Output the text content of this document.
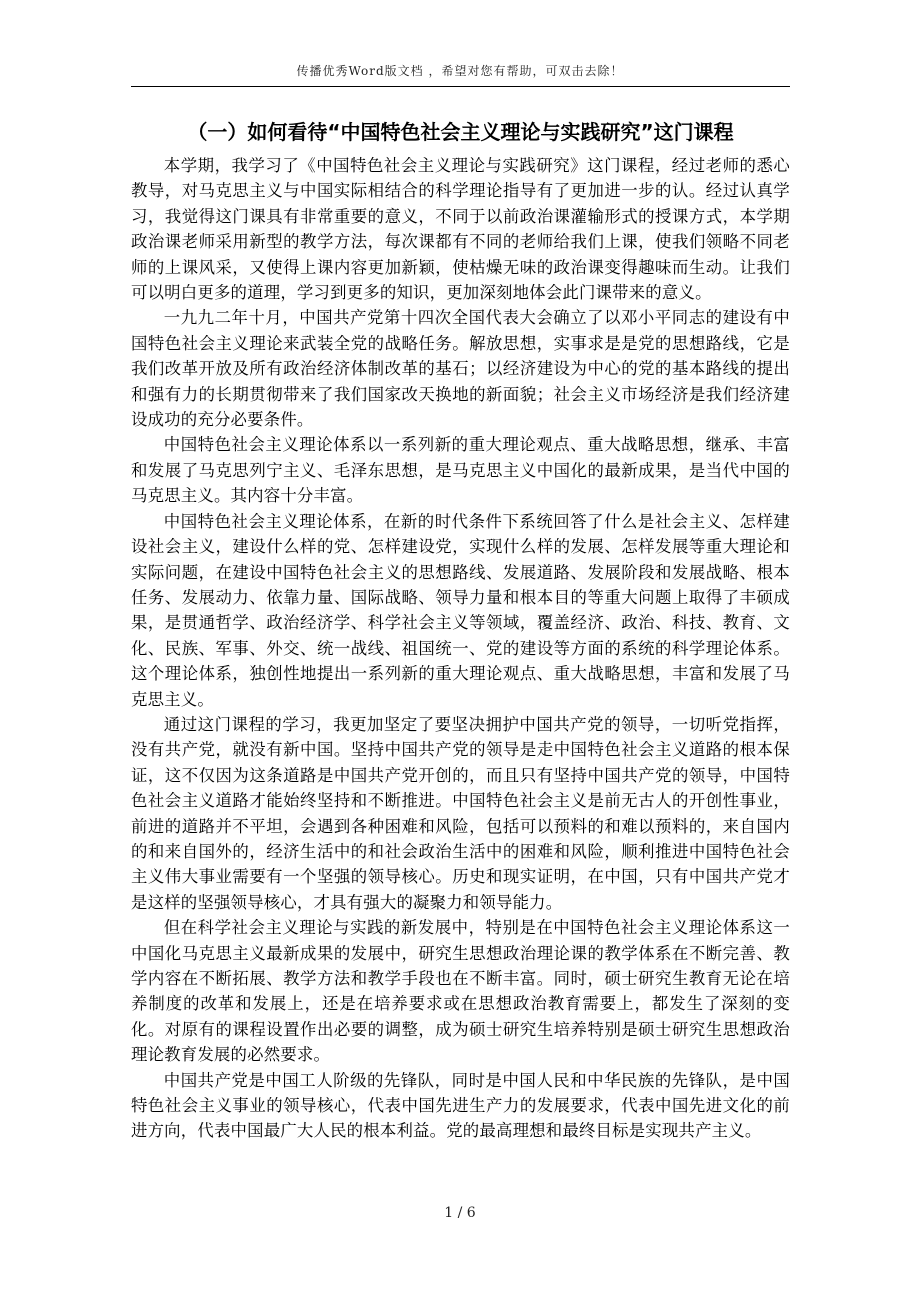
传播优秀Word版文档 ，希望对您有帮助，可双击去除！
（一）如何看待“中国特色社会主义理论与实践研究”这门课程

本学期，我学习了《中国特色社会主义理论与实践研究》这门课程，经过老师的悉心教导，对马克思主义与中国实际相结合的科学理论指导有了更加进一步的认。经过认真学习，我觉得这门课具有非常重要的意义，不同于以前政治课灌输形式的授课方式，本学期政治课老师采用新型的教学方法，每次课都有不同的老师给我们上课，使我们领略不同老师的上课风采，又使得上课内容更加新颖，使枯燥无味的政治课变得趣味而生动。让我们可以明白更多的道理，学习到更多的知识，更加深刻地体会此门课带来的意义。

一九九二年十月，中国共产党第十四次全国代表大会确立了以邓小平同志的建设有中国特色社会主义理论来武装全党的战略任务。解放思想，实事求是是党的思想路线，它是我们改革开放及所有政治经济体制改革的基石；以经济建设为中心的党的基本路线的提出和强有力的长期贯彻带来了我们国家改天换地的新面貌；社会主义市场经济是我们经济建设成功的充分必要条件。

中国特色社会主义理论体系以一系列新的重大理论观点、重大战略思想，继承、丰富和发展了马克思列宁主义、毛泽东思想，是马克思主义中国化的最新成果，是当代中国的马克思主义。其内容十分丰富。

中国特色社会主义理论体系，在新的时代条件下系统回答了什么是社会主义、怎样建设社会主义，建设什么样的党、怎样建设党，实现什么样的发展、怎样发展等重大理论和实际问题，在建设中国特色社会主义的思想路线、发展道路、发展阶段和发展战略、根本任务、发展动力、依靠力量、国际战略、领导力量和根本目的等重大问题上取得了丰硕成果，是贯通哲学、政治经济学、科学社会主义等领域，覆盖经济、政治、科技、教育、文化、民族、军事、外交、统一战线、祖国统一、党的建设等方面的系统的科学理论体系。这个理论体系，独创性地提出一系列新的重大理论观点、重大战略思想，丰富和发展了马克思主义。

通过这门课程的学习，我更加坚定了要坚决拥护中国共产党的领导，一切听党指挥，没有共产党，就没有新中国。坚持中国共产党的领导是走中国特色社会主义道路的根本保证，这不仅因为这条道路是中国共产党开创的，而且只有坚持中国共产党的领导，中国特色社会主义道路才能始终坚持和不断推进。中国特色社会主义是前无古人的开创性事业，前进的道路并不平坦，会遇到各种困难和风险，包括可以预料的和难以预料的，来自国内的和来自国外的，经济生活中的和社会政治生活中的困难和风险，顺利推进中国特色社会主义伟大事业需要有一个坚强的领导核心。历史和现实证明，在中国，只有中国共产党才是这样的坚强领导核心，才具有强大的凝聚力和领导能力。

但在科学社会主义理论与实践的新发展中，特别是在中国特色社会主义理论体系这一中国化马克思主义最新成果的发展中，研究生思想政治理论课的教学体系在不断完善、教学内容在不断拓展、教学方法和教学手段也在不断丰富。同时，硕士研究生教育无论在培养制度的改革和发展上，还是在培养要求或在思想政治教育需要上，都发生了深刻的变化。对原有的课程设置作出必要的调整，成为硕士研究生培养特别是硕士研究生思想政治理论教育发展的必然要求。

中国共产党是中国工人阶级的先锋队，同时是中国人民和中华民族的先锋队，是中国特色社会主义事业的领导核心，代表中国先进生产力的发展要求，代表中国先进文化的前进方向，代表中国最广大人民的根本利益。党的最高理想和最终目标是实现共产主义。

1 / 6
